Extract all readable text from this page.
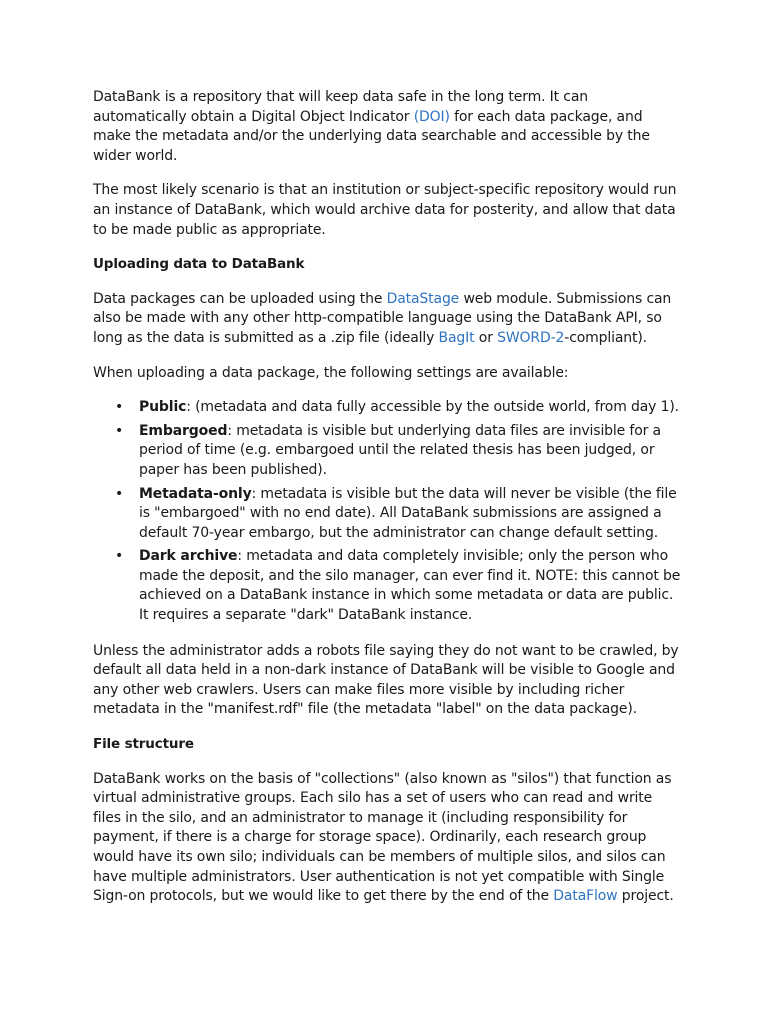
DataBank is a repository that will keep data safe in the long term. It can automatically obtain a Digital Object Indicator (DOI) for each data package, and make the metadata and/or the underlying data searchable and accessible by the wider world.

The most likely scenario is that an institution or subject-specific repository would run an instance of DataBank, which would archive data for posterity, and allow that data to be made public as appropriate.

Uploading data to DataBank

Data packages can be uploaded using the DataStage web module. Submissions can also be made with any other http-compatible language using the DataBank API, so long as the data is submitted as a .zip file (ideally BagIt or SWORD-2-compliant).

When uploading a data package, the following settings are available:

• Public: (metadata and data fully accessible by the outside world, from day 1).
• Embargoed: metadata is visible but underlying data files are invisible for a period of time (e.g. embargoed until the related thesis has been judged, or paper has been published).
• Metadata-only: metadata is visible but the data will never be visible (the file is "embargoed" with no end date). All DataBank submissions are assigned a default 70-year embargo, but the administrator can change default setting.
• Dark archive: metadata and data completely invisible; only the person who made the deposit, and the silo manager, can ever find it. NOTE: this cannot be achieved on a DataBank instance in which some metadata or data are public. It requires a separate "dark" DataBank instance.

Unless the administrator adds a robots file saying they do not want to be crawled, by default all data held in a non-dark instance of DataBank will be visible to Google and any other web crawlers. Users can make files more visible by including richer metadata in the "manifest.rdf" file (the metadata "label" on the data package).

File structure

DataBank works on the basis of "collections" (also known as "silos") that function as virtual administrative groups. Each silo has a set of users who can read and write files in the silo, and an administrator to manage it (including responsibility for payment, if there is a charge for storage space). Ordinarily, each research group would have its own silo; individuals can be members of multiple silos, and silos can have multiple administrators. User authentication is not yet compatible with Single Sign-on protocols, but we would like to get there by the end of the DataFlow project.
